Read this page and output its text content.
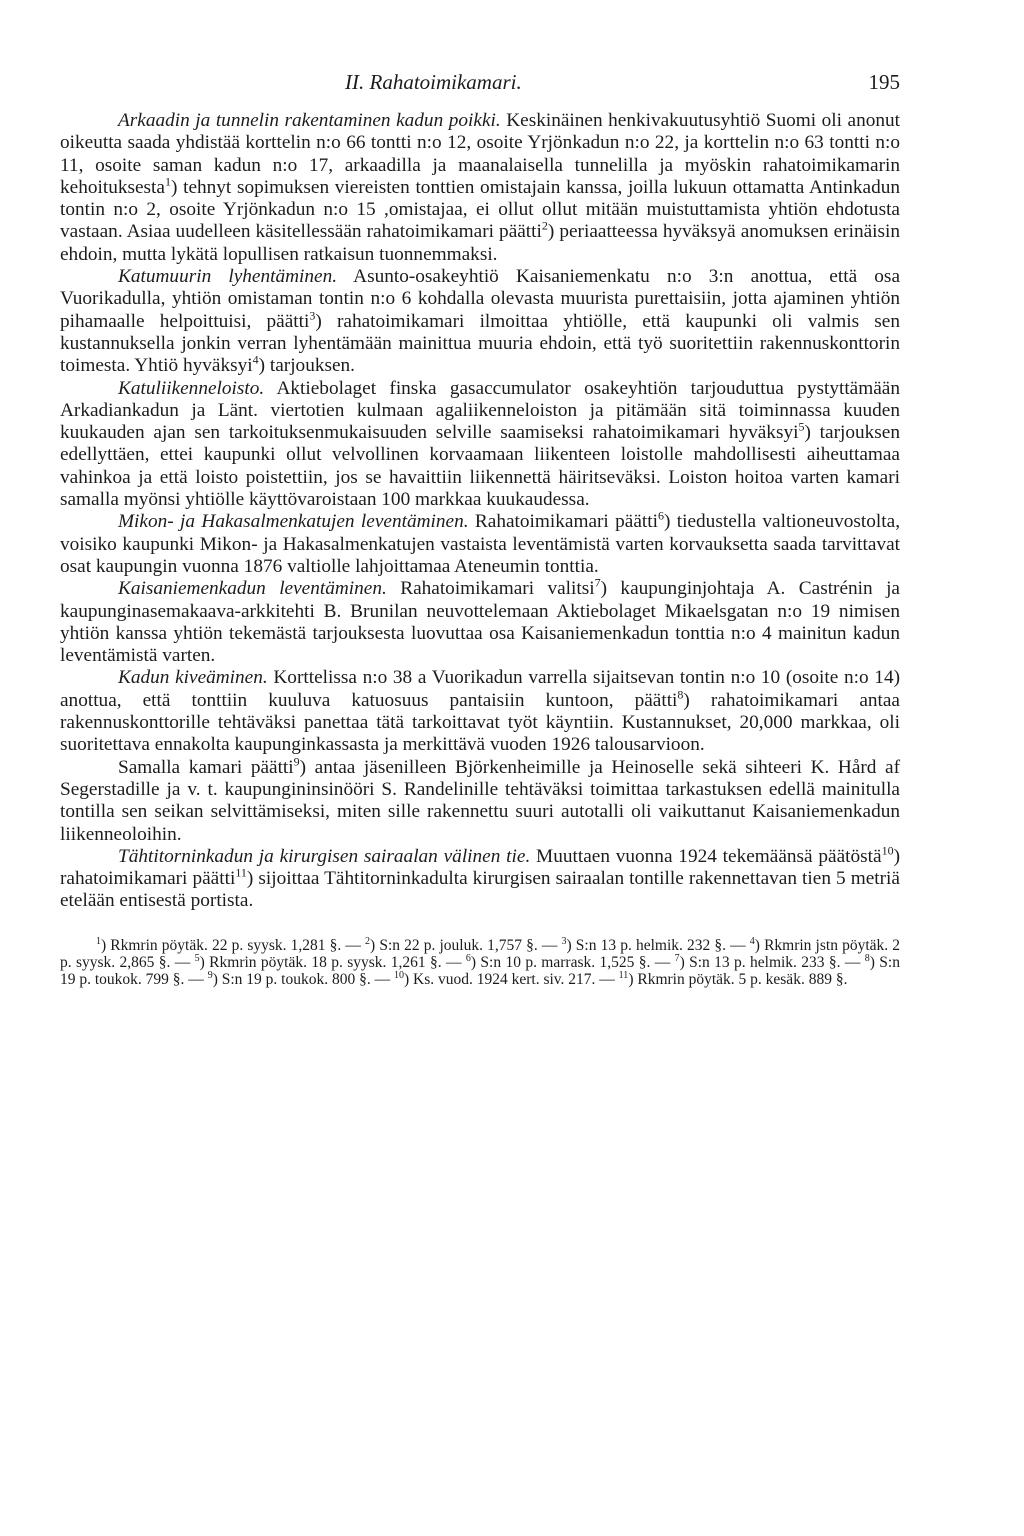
II. Rahatoimikamari.	195

Arkaadin ja tunnelin rakentaminen kadun poikki. Keskinäinen henkivakuutusyhtiö Suomi oli anonut oikeutta saada yhdistää korttelin n:o 66 tontti n:o 12, osoite Yrjönkadun n:o 22, ja korttelin n:o 63 tontti n:o 11, osoite saman kadun n:o 17, arkaadilla ja maanalaisella tunnelilla ja myöskin rahatoimikamarin kehoituksesta$^1$) tehnyt sopimuksen viereisten tonttien omistajain kanssa, joilla lukuun ottamatta Antinkadun tontin n:o 2, osoite Yrjönkadun n:o 15 ,omistajaa, ei ollut ollut mitään muistuttamista yhtiön ehdotusta vastaan. Asiaa uudelleen käsitellessään rahatoimikamari päätti$^2$) periaatteessa hyväksyä anomuksen erinäisin ehdoin, mutta lykätä lopullisen ratkaisun tuonnemmaksi.

Katumuurin lyhentäminen. Asunto-osakeyhtiö Kaisaniemenkatu n:o 3:n anottua, että osa Vuorikadulla, yhtiön omistaman tontin n:o 6 kohdalla olevasta muurista purettaisiin, jotta ajaminen yhtiön pihamaalle helpoittuisi, päätti$^3$) rahatoimikamari ilmoittaa yhtiölle, että kaupunki oli valmis sen kustannuksella jonkin verran lyhentämään mainittua muuria ehdoin, että työ suoritettiin rakennuskonttorin toimesta. Yhtiö hyväksyi$^4$) tarjouksen.

Katuliikenneloisto. Aktiebolaget finska gasaccumulator osakeyhtiön tarjouduttua pystyttämään Arkadiankadun ja Länt. viertotien kulmaan agaliikenneloiston ja pitämään sitä toiminnassa kuuden kuukauden ajan sen tarkoituksenmukaisuuden selville saamiseksi rahatoimikamari hyväksyi$^5$) tarjouksen edellyttäen, ettei kaupunki ollut velvollinen korvaamaan liikenteen loistolle mahdollisesti aiheuttamaa vahinkoa ja että loisto poistettiin, jos se havaittiin liikennettä häiritseväksi. Loiston hoitoa varten kamari samalla myönsi yhtiölle käyttövaroistaan 100 markkaa kuukaudessa.

Mikon- ja Hakasalmenkatujen leventäminen. Rahatoimikamari päätti$^6$) tiedustella valtioneuvostolta, voisiko kaupunki Mikon- ja Hakasalmenkatujen vastaista leventämistä varten korvauksetta saada tarvittavat osat kaupungin vuonna 1876 valtiolle lahjoittamaa Ateneumin tonttia.

Kaisaniemenkadun leventäminen. Rahatoimikamari valitsi$^7$) kaupunginjohtaja A. Castrénin ja kaupunginasemakaava-arkkitehti B. Brunilan neuvottelemaan Aktiebolaget Mikaelsgatan n:o 19 nimisen yhtiön kanssa yhtiön tekemästä tarjouksesta luovuttaa osa Kaisaniemenkadun tonttia n:o 4 mainitun kadun leventämistä varten.

Kadun kiveäminen. Korttelissa n:o 38 a Vuorikadun varrella sijaitsevan tontin n:o 10 (osoite n:o 14) anottua, että tonttiin kuuluva katuosuus pantaisiin kuntoon, päätti$^8$) rahatoimikamari antaa rakennuskonttorille tehtäväksi panettaa tätä tarkoittavat työt käyntiin. Kustannukset, 20,000 markkaa, oli suoritettava ennakolta kaupunginkassasta ja merkittävä vuoden 1926 talousarvioon.

Samalla kamari päätti$^9$) antaa jäsenilleen Björkenheimille ja Heinoselle sekä sihteeri K. Hård af Segerstadille ja v. t. kaupungininsinööri S. Randelinille tehtäväksi toimittaa tarkastuksen edellä mainitulla tontilla sen seikan selvittämiseksi, miten sille rakennettu suuri autotalli oli vaikuttanut Kaisaniemenkadun liikenneoloihin.

Tähtitorninkadun ja kirurgisen sairaalan välinen tie. Muuttaen vuonna 1924 tekemäänsä päätöstä$^{10}$) rahatoimikamari päätti$^{11}$) sijoittaa Tähtitorninkadulta kirurgisen sairaalan tontille rakennettavan tien 5 metriä etelään entisestä portista.

$^1$) Rkmrin pöytäk. 22 p. syysk. 1,281 §. — $^2$) S:n 22 p. jouluk. 1,757 §. — $^3$) S:n 13 p. helmik. 232 §. — $^4$) Rkmrin jstn pöytäk. 2 p. syysk. 2,865 §. — $^5$) Rkmrin pöytäk. 18 p. syysk. 1,261 §. — $^6$) S:n 10 p. marrask. 1,525 §. — $^7$) S:n 13 p. helmik. 233 §. — $^8$) S:n 19 p. toukok. 799 §. — $^9$) S:n 19 p. toukok. 800 §. — $^{10}$) Ks. vuod. 1924 kert. siv. 217. — $^{11}$) Rkmrin pöytäk. 5 p. kesäk. 889 §.
